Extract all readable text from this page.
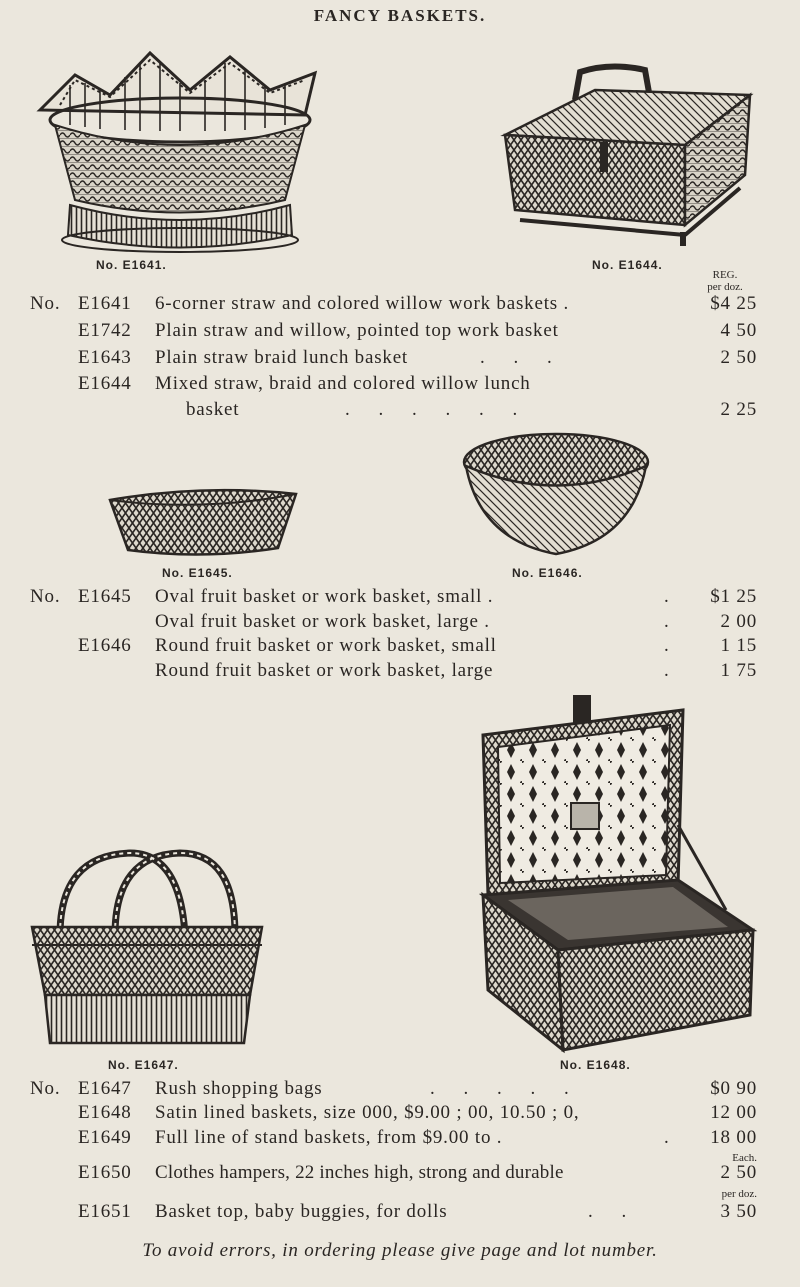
FANCY BASKETS.
No. E1641.	No. E1644.
REG.
per doz.
No. E1641 6-corner straw and colored willow work baskets .	$4 25
E1742 Plain straw and willow, pointed top work basket	4 50
E1643 Plain straw braid lunch basket	. . .	2 50
E1644 Mixed straw, braid and colored willow lunch
basket	. . . . . .	2 25
No. E1645.	No. E1646.
No. E1645 Oval fruit basket or work basket, small .	.	$1 25
Oval fruit basket or work basket, large .	.	2 00
E1646 Round fruit basket or work basket, small	.	1 15
Round fruit basket or work basket, large	.	1 75
No. E1647.	No. E1648.
No. E1647 Rush shopping bags	. . . . .	$0 90
E1648 Satin lined baskets, size 000, $9.00 ; 00, 10.50 ; 0,	12 00
E1649 Full line of stand baskets, from $9.00 to .	.	18 00
Each.
E1650 Clothes hampers, 22 inches high, strong and durable	2 50
per doz.
E1651 Basket top, baby buggies, for dolls	. .	3 50
To avoid errors, in ordering please give page and lot number.
